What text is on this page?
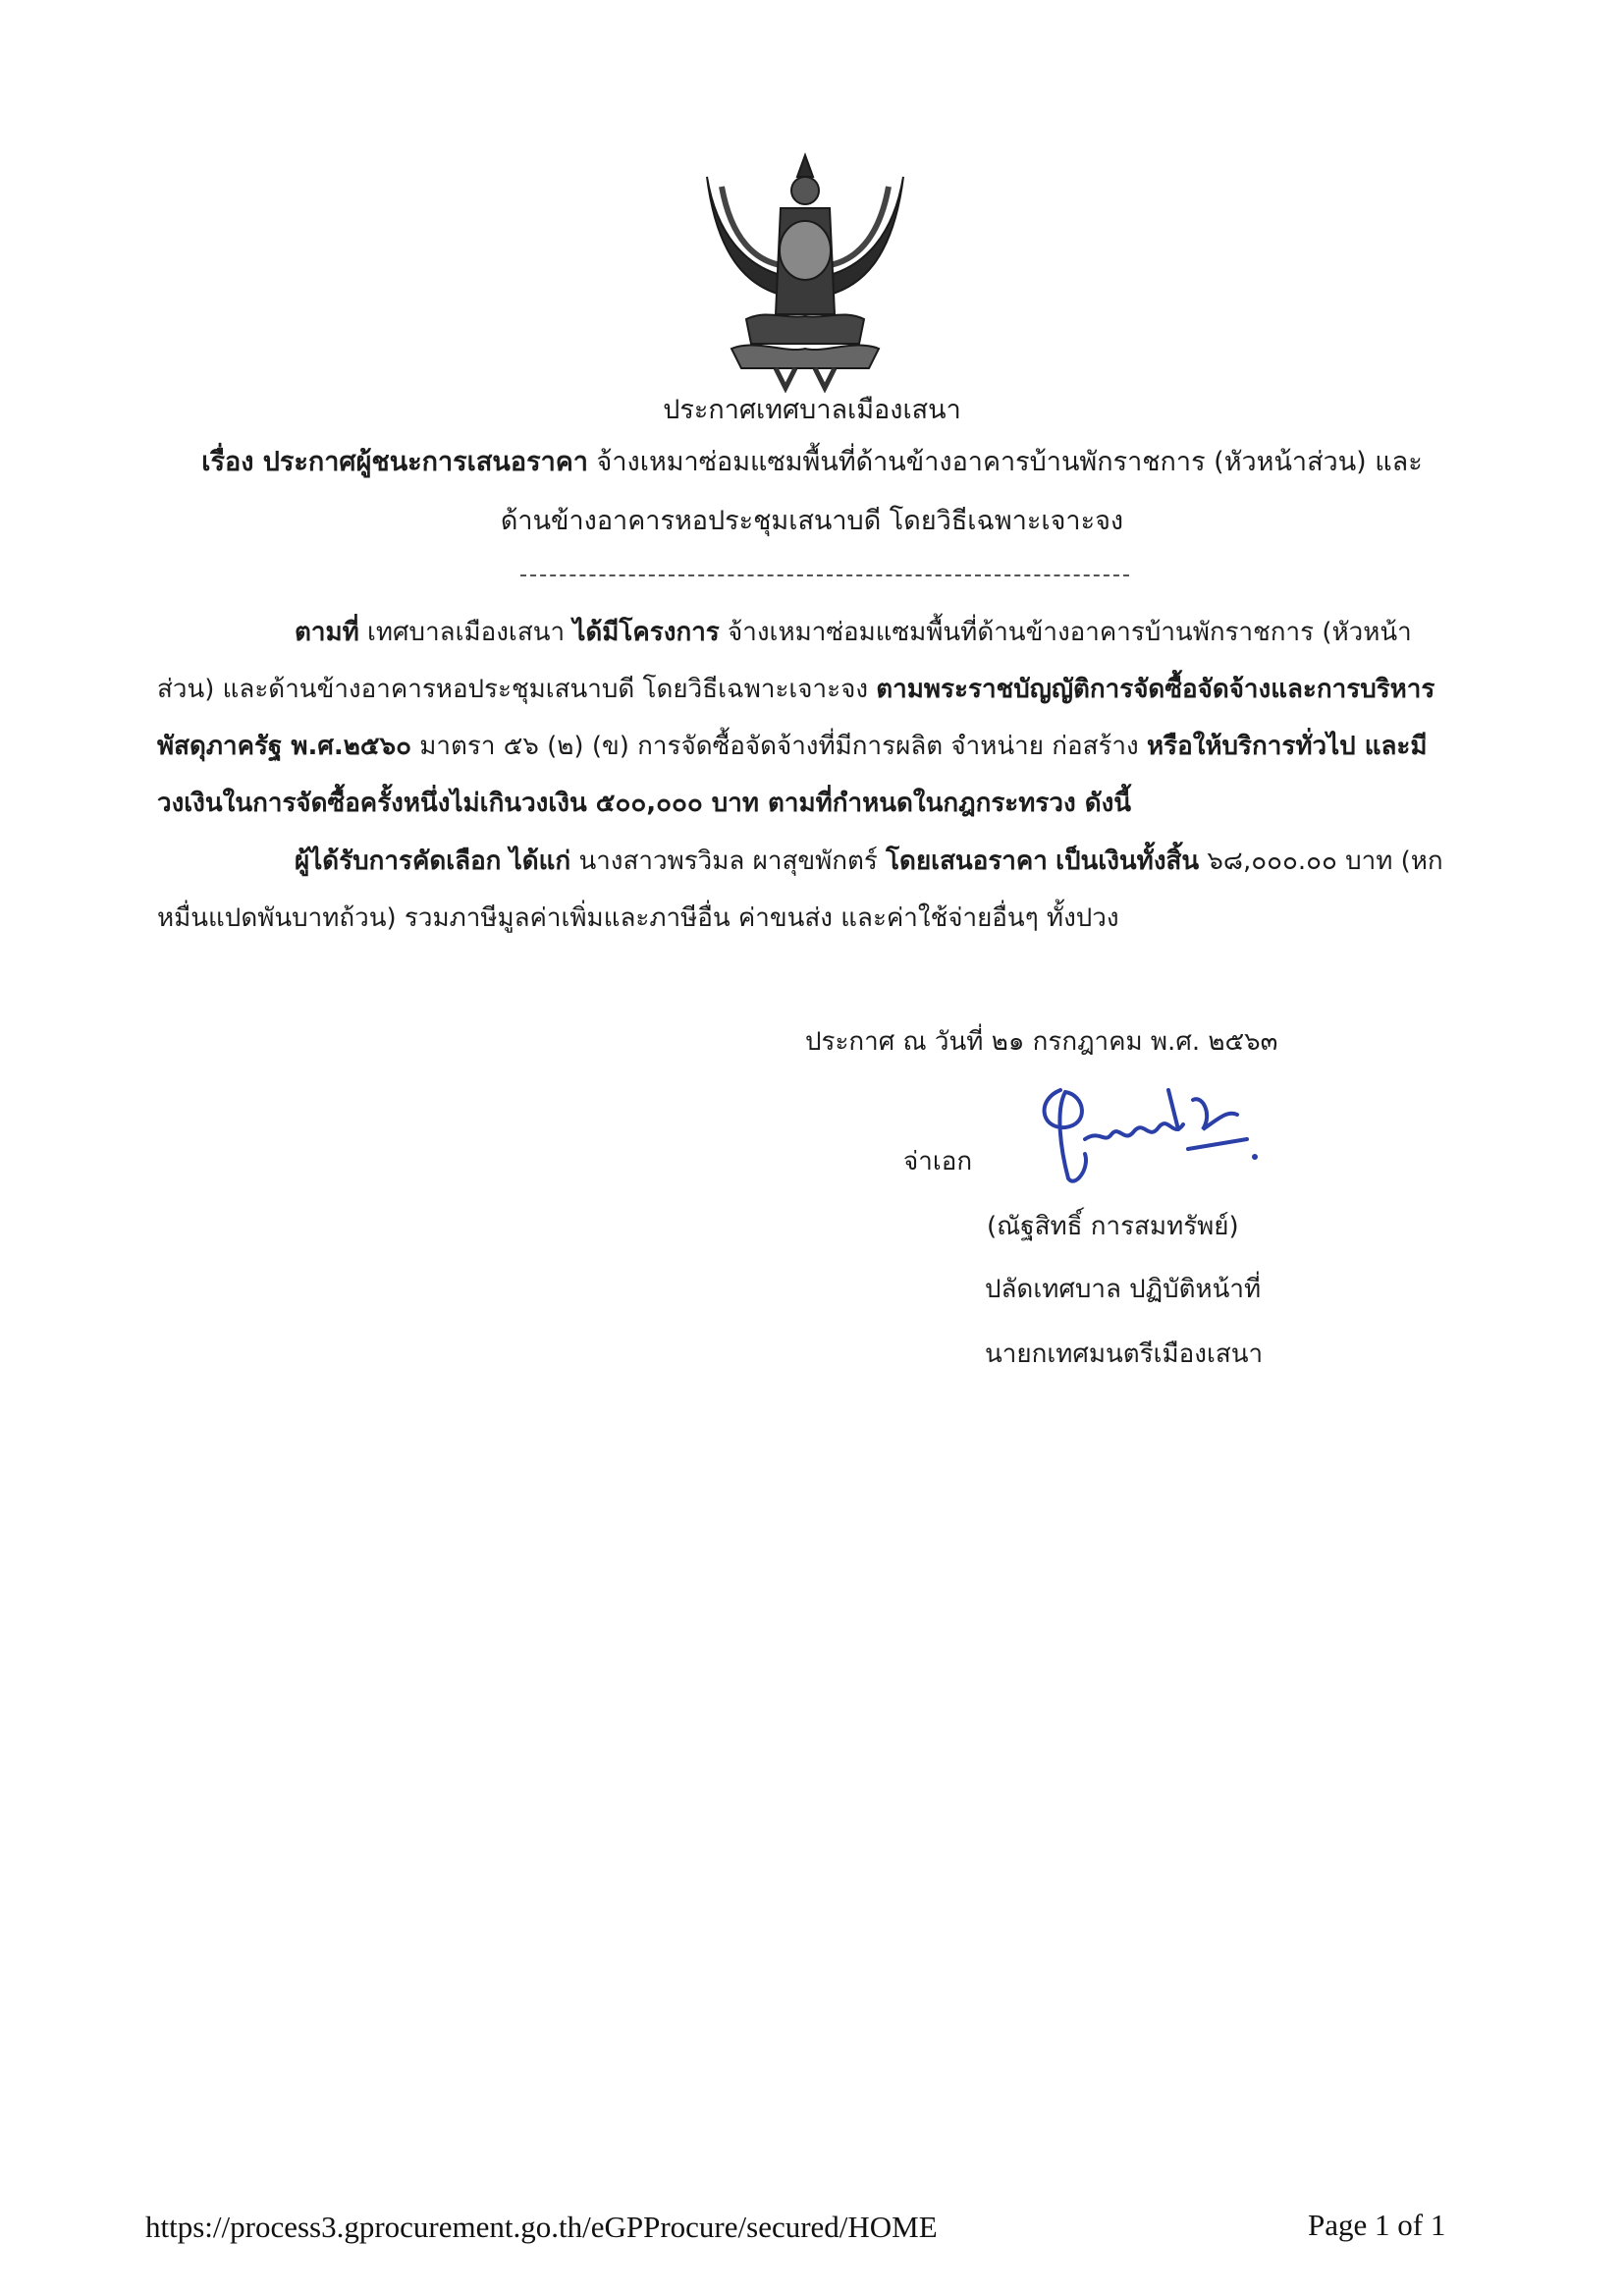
ประกาศเทศบาลเมืองเสนา
เรื่อง ประกาศผู้ชนะการเสนอราคา จ้างเหมาซ่อมแซมพื้นที่ด้านข้างอาคารบ้านพักราชการ (หัวหน้าส่วน) และ
ด้านข้างอาคารหอประชุมเสนาบดี โดยวิธีเฉพาะเจาะจง
ตามที่ เทศบาลเมืองเสนา ได้มีโครงการ จ้างเหมาซ่อมแซมพื้นที่ด้านข้างอาคารบ้านพักราชการ (หัวหน้าส่วน) และด้านข้างอาคารหอประชุมเสนาบดี โดยวิธีเฉพาะเจาะจง ตามพระราชบัญญัติการจัดซื้อจัดจ้างและการบริหารพัสดุภาครัฐ พ.ศ.๒๕๖๐ มาตรา ๕๖ (๒) (ข) การจัดซื้อจัดจ้างที่มีการผลิต จำหน่าย ก่อสร้าง หรือให้บริการทั่วไป และมีวงเงินในการจัดซื้อครั้งหนึ่งไม่เกินวงเงิน ๕๐๐,๐๐๐ บาท ตามที่กำหนดในกฎกระทรวง ดังนี้
ผู้ได้รับการคัดเลือก ได้แก่ นางสาวพรวิมล ผาสุขพักตร์ โดยเสนอราคา เป็นเงินทั้งสิ้น ๖๘,๐๐๐.๐๐ บาท (หกหมื่นแปดพันบาทถ้วน) รวมภาษีมูลค่าเพิ่มและภาษีอื่น ค่าขนส่ง และค่าใช้จ่ายอื่นๆ ทั้งปวง
ประกาศ ณ วันที่ ๒๑ กรกฎาคม พ.ศ. ๒๕๖๓
จ่าเอก
(ณัฐสิทธิ์ การสมทรัพย์)
ปลัดเทศบาล ปฏิบัติหน้าที่
นายกเทศมนตรีเมืองเสนา
https://process3.gprocurement.go.th/eGPProcure/secured/HOME	Page 1 of 1
